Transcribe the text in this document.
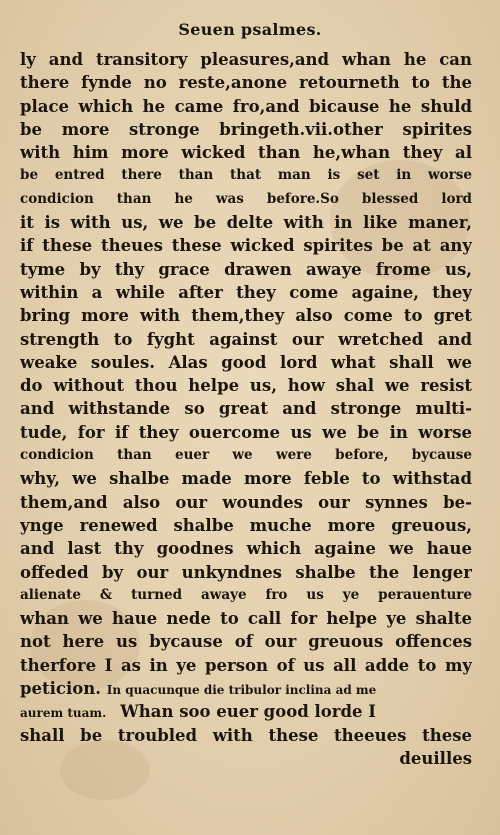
Seuen psalmes.
ly and transitory pleasures,and whan he can
there fynde no reste,anone retourneth to the
place which he came fro,and bicause he shuld
be more stronge bringeth.vii.other spirites
with him more wicked than he,whan they al
be entred there than that man is set in worse
condicion than he was before.So blessed lord
it is with us, we be delte with in like maner,
if these theues these wicked spirites be at any
tyme by thy grace drawen awaye frome us,
within a while after they come againe, they
bring more with them,they also come to gret
strength to fyght against our wretched and
weake soules. Alas good lord what shall we
do without thou helpe us, how shal we resist
and withstande so great and stronge multi-
tude, for if they ouercome us we be in worse
condicion than euer we were before, bycause
why, we shalbe made more feble to withstad
them,and also our woundes our synnes be-
ynge renewed shalbe muche more greuous,
and last thy goodnes which againe we haue
offeded by our unkyndnes shalbe the lenger
alienate & turned awaye fro us ye perauenture
whan we haue nede to call for helpe ye shalte
not here us bycause of our greuous offences
therfore I as in ye person of us all adde to my
peticion. In quacunque die tribulor inclina ad me
aurem tuam. Whan soo euer good lorde I
shall be troubled with these theeues these
deuilles
